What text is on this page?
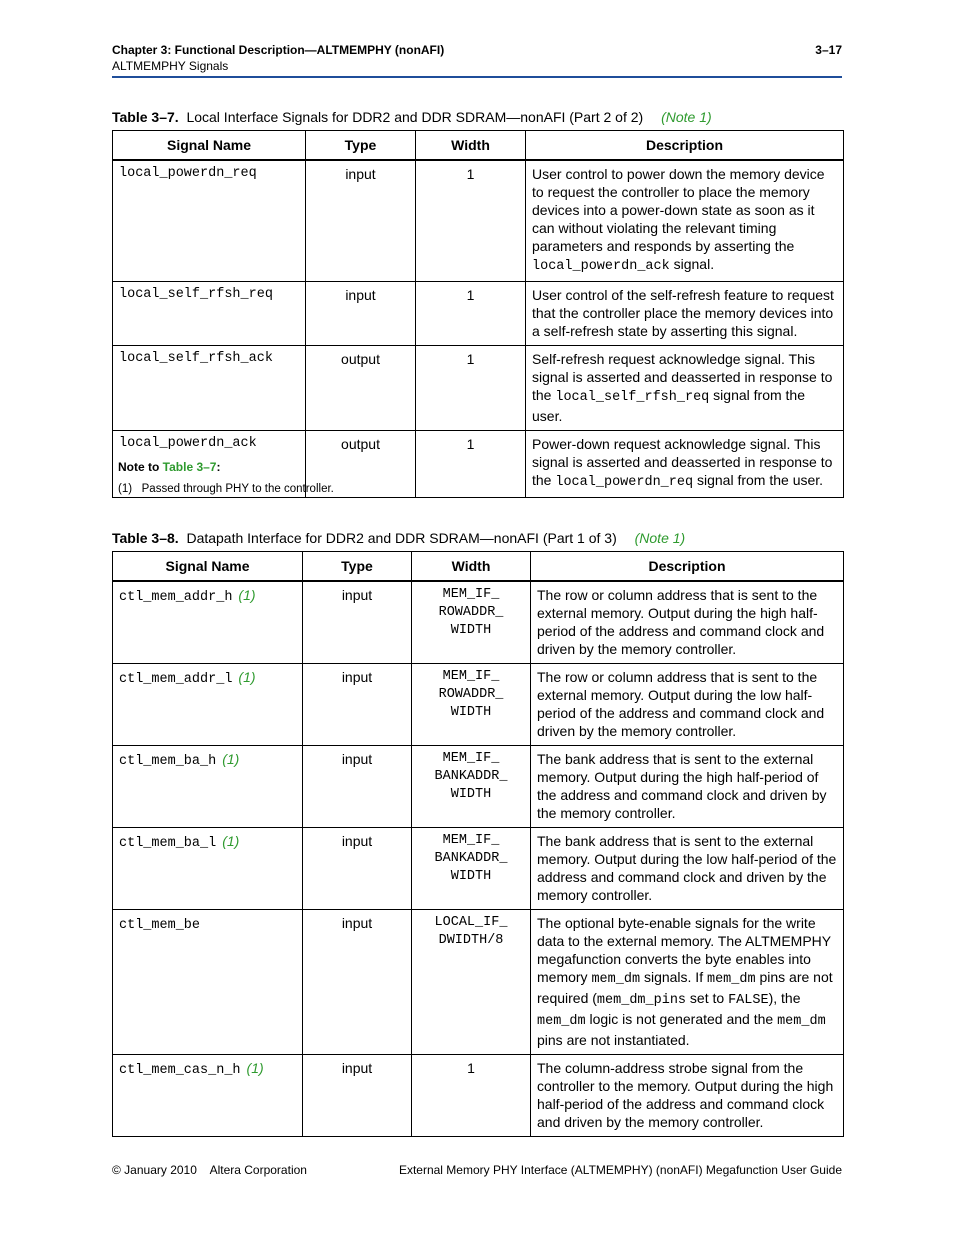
Chapter 3: Functional Description—ALTMEMPHY (nonAFI)
ALTMEMPHY Signals
3–17
Table 3–7. Local Interface Signals for DDR2 and DDR SDRAM—nonAFI (Part 2 of 2) (Note 1)
Signal Name	Type	Width	Description
local_powerdn_req	input	1	User control to power down the memory device to request the controller to place the memory devices into a power-down state as soon as it can without violating the relevant timing parameters and responds by asserting the local_powerdn_ack signal.
local_self_rfsh_req	input	1	User control of the self-refresh feature to request that the controller place the memory devices into a self-refresh state by asserting this signal.
local_self_rfsh_ack	output	1	Self-refresh request acknowledge signal. This signal is asserted and deasserted in response to the local_self_rfsh_req signal from the user.
local_powerdn_ack	output	1	Power-down request acknowledge signal. This signal is asserted and deasserted in response to the local_powerdn_req signal from the user.
Note to Table 3–7:
(1)   Passed through PHY to the controller.
Table 3–8. Datapath Interface for DDR2 and DDR SDRAM—nonAFI (Part 1 of 3) (Note 1)
Signal Name	Type	Width	Description
ctl_mem_addr_h (1)	input	MEM_IF_
ROWADDR_
WIDTH	The row or column address that is sent to the external memory. Output during the high half-period of the address and command clock and driven by the memory controller.
ctl_mem_addr_l (1)	input	MEM_IF_
ROWADDR_
WIDTH	The row or column address that is sent to the external memory. Output during the low half-period of the address and command clock and driven by the memory controller.
ctl_mem_ba_h (1)	input	MEM_IF_
BANKADDR_
WIDTH	The bank address that is sent to the external memory. Output during the high half-period of the address and command clock and driven by the memory controller.
ctl_mem_ba_l (1)	input	MEM_IF_
BANKADDR_
WIDTH	The bank address that is sent to the external memory. Output during the low half-period of the address and command clock and driven by the memory controller.
ctl_mem_be	input	LOCAL_IF_
DWIDTH/8	The optional byte-enable signals for the write data to the external memory. The ALTMEMPHY megafunction converts the byte enables into memory mem_dm signals. If mem_dm pins are not required (mem_dm_pins set to FALSE), the mem_dm logic is not generated and the mem_dm pins are not instantiated.
ctl_mem_cas_n_h (1)	input	1	The column-address strobe signal from the controller to the memory. Output during the high half-period of the address and command clock and driven by the memory controller.
© January 2010    Altera Corporation	External Memory PHY Interface (ALTMEMPHY) (nonAFI) Megafunction User Guide
